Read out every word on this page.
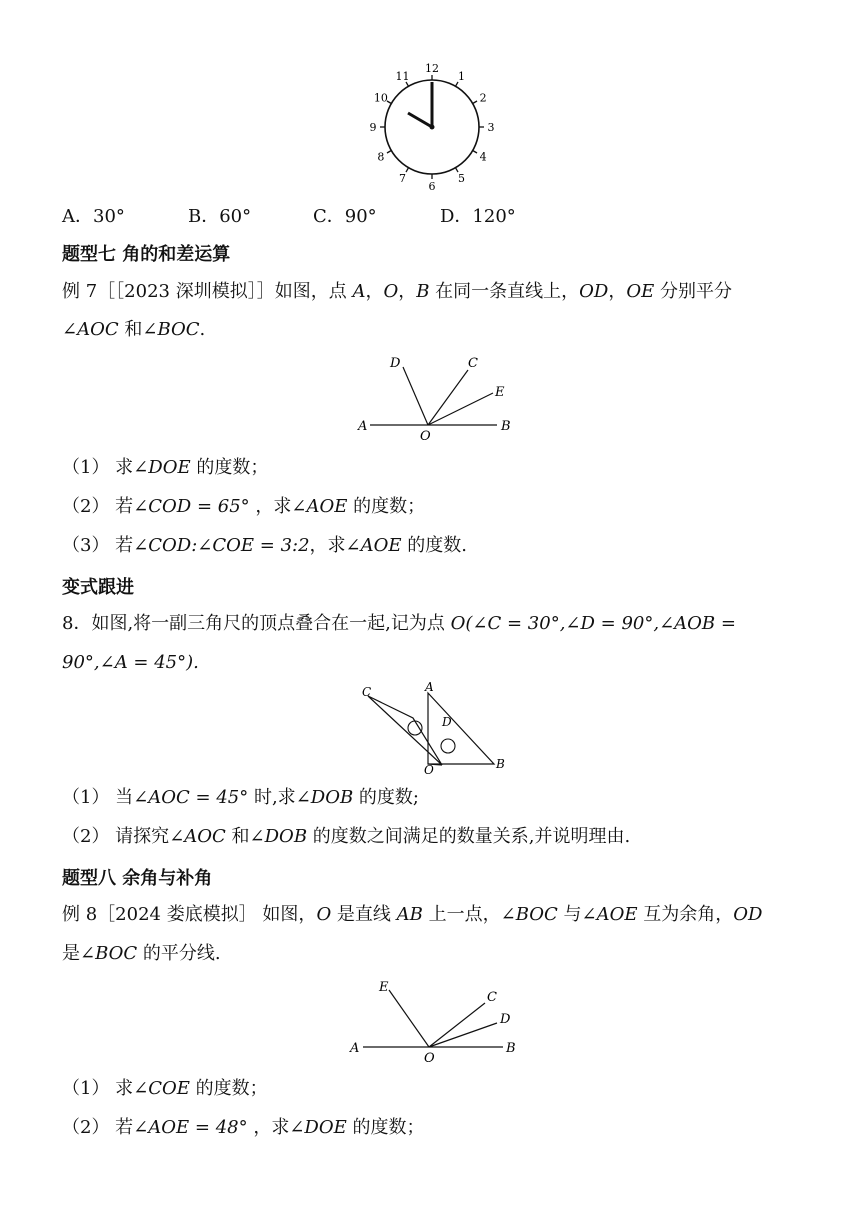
12
1
2
3
4
5
6
7
8
9
10
11
A．30°	B．60°	C．90°	D．120°
题型七 角的和差运算
例 7［［2023 深圳模拟］］如图，点 A，O，B 在同一条直线上，OD，OE 分别平分
∠AOC 和∠BOC.
A
O
B
D	C
E
（1） 求∠DOE 的度数；
（2） 若∠COD = 65° ，求∠AOE 的度数；
（3） 若∠COD:∠COE = 3:2，求∠AOE 的度数.
变式跟进
8．如图,将一副三角尺的顶点叠合在一起,记为点 O(∠C = 30°,∠D = 90°,∠AOB =
90°,∠A = 45°).
C	A
D
O	B
（1） 当∠AOC = 45° 时,求∠DOB 的度数;
（2） 请探究∠AOC 和∠DOB 的度数之间满足的数量关系,并说明理由.
题型八 余角与补角
例 8［2024 娄底模拟］ 如图，O 是直线 AB 上一点，∠BOC 与∠AOE 互为余角，OD
是∠BOC 的平分线.
E
C
D
A
O
B
（1） 求∠COE 的度数；
（2） 若∠AOE = 48° ，求∠DOE 的度数；
